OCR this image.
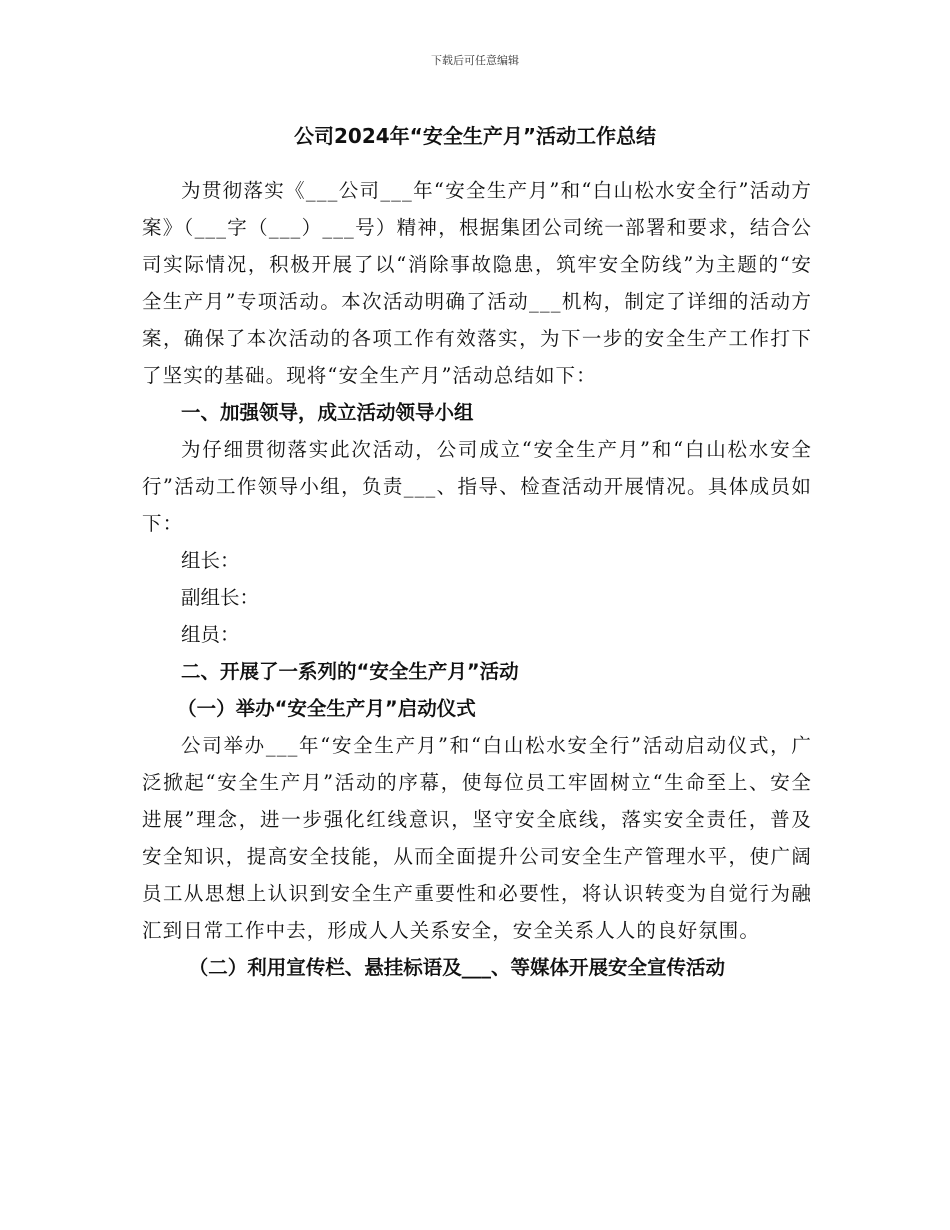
下载后可任意编辑
公司2024年“安全生产月”活动工作总结

为贯彻落实《___公司___年“安全生产月”和“白山松水安全行”活动方案》（___字（___）___号）精神，根据集团公司统一部署和要求，结合公司实际情况，积极开展了以“消除事故隐患，筑牢安全防线”为主题的“安全生产月”专项活动。本次活动明确了活动___机构，制定了详细的活动方案，确保了本次活动的各项工作有效落实，为下一步的安全生产工作打下了坚实的基础。现将“安全生产月”活动总结如下：

一、加强领导，成立活动领导小组

为仔细贯彻落实此次活动，公司成立“安全生产月”和“白山松水安全行”活动工作领导小组，负责___、指导、检查活动开展情况。具体成员如下：

组长：

副组长：

组员：

二、开展了一系列的“安全生产月”活动

（一）举办“安全生产月”启动仪式

公司举办___年“安全生产月”和“白山松水安全行”活动启动仪式，广泛掀起“安全生产月”活动的序幕，使每位员工牢固树立“生命至上、安全进展”理念，进一步强化红线意识，坚守安全底线，落实安全责任，普及安全知识，提高安全技能，从而全面提升公司安全生产管理水平，使广阔员工从思想上认识到安全生产重要性和必要性，将认识转变为自觉行为融汇到日常工作中去，形成人人关系安全，安全关系人人的良好氛围。

（二）利用宣传栏、悬挂标语及___、等媒体开展安全宣传活动
